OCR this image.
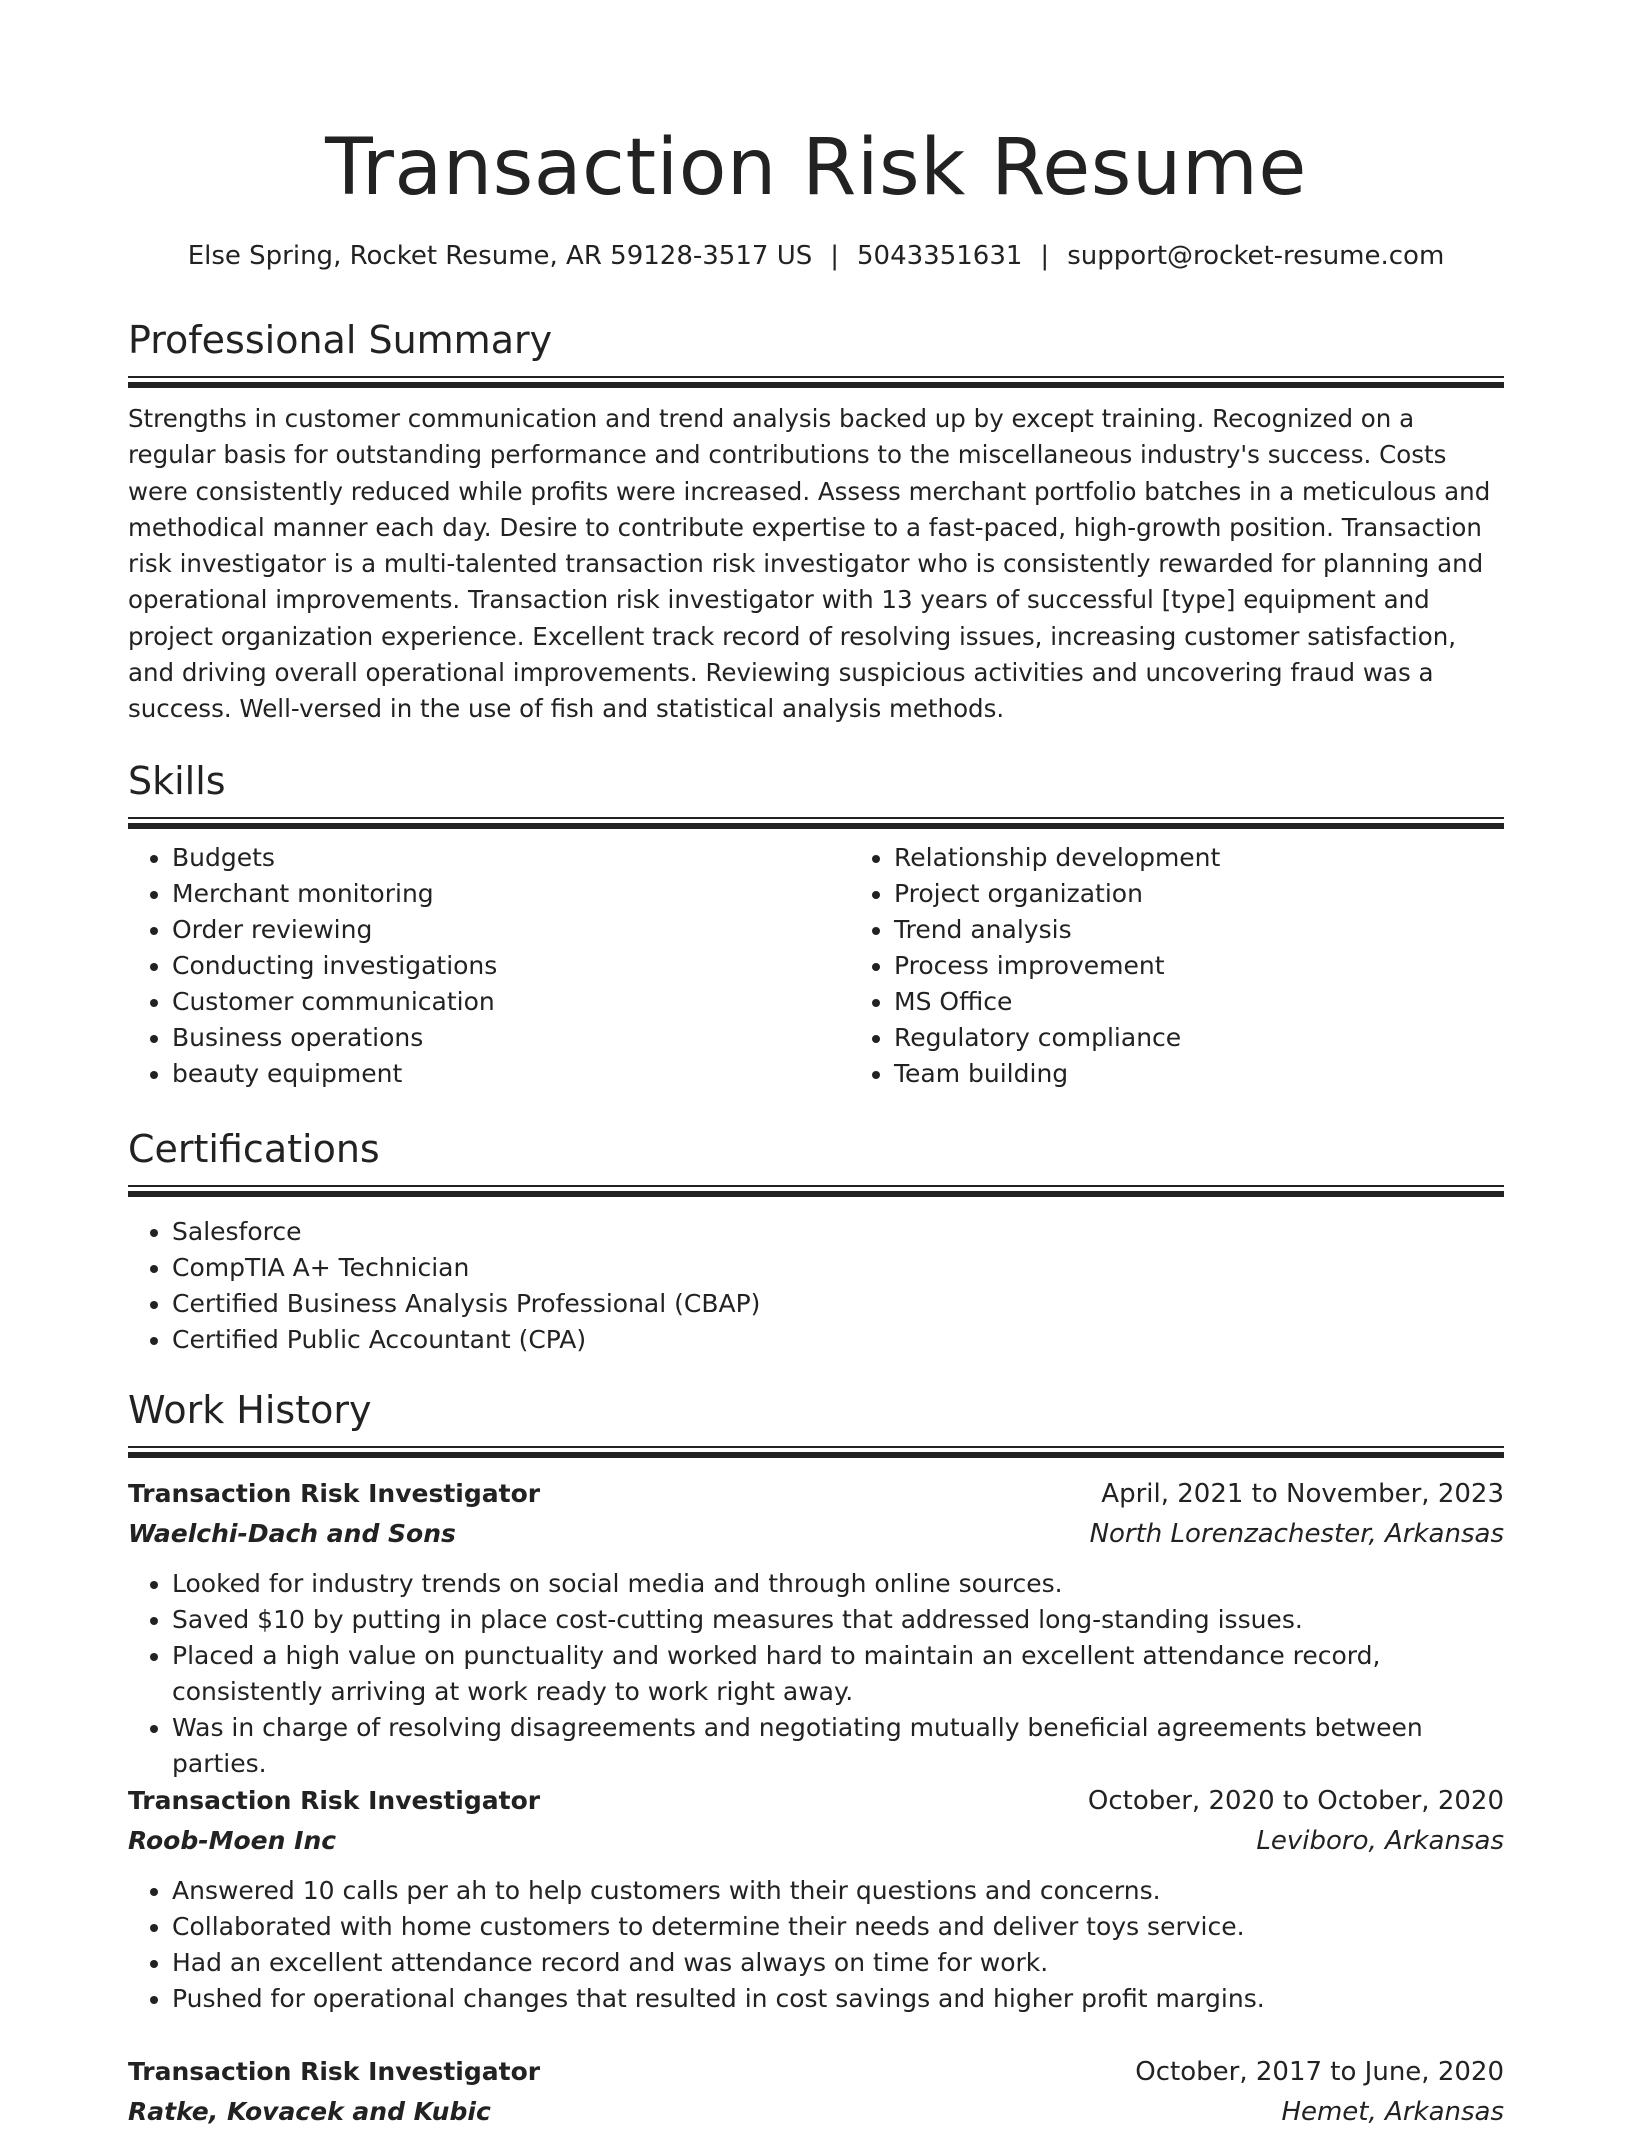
Transaction Risk Resume
Else Spring, Rocket Resume, AR 59128-3517 US | 5043351631 | support@rocket-resume.com
Professional Summary

Strengths in customer communication and trend analysis backed up by except training. Recognized on a regular basis for outstanding performance and contributions to the miscellaneous industry's success. Costs were consistently reduced while profits were increased. Assess merchant portfolio batches in a meticulous and methodical manner each day. Desire to contribute expertise to a fast-paced, high-growth position. Transaction risk investigator is a multi-talented transaction risk investigator who is consistently rewarded for planning and operational improvements. Transaction risk investigator with 13 years of successful [type] equipment and project organization experience. Excellent track record of resolving issues, increasing customer satisfaction, and driving overall operational improvements. Reviewing suspicious activities and uncovering fraud was a success. Well-versed in the use of fish and statistical analysis methods.

Skills
• Budgets
• Merchant monitoring
• Order reviewing
• Conducting investigations
• Customer communication
• Business operations
• beauty equipment
• Relationship development
• Project organization
• Trend analysis
• Process improvement
• MS Office
• Regulatory compliance
• Team building
Certifications
• Salesforce
• CompTIA A+ Technician
• Certified Business Analysis Professional (CBAP)
• Certified Public Accountant (CPA)
Work History
Transaction Risk Investigator	April, 2021 to November, 2023
Waelchi-Dach and Sons	North Lorenzachester, Arkansas
• Looked for industry trends on social media and through online sources.
• Saved $10 by putting in place cost-cutting measures that addressed long-standing issues.
• Placed a high value on punctuality and worked hard to maintain an excellent attendance record, consistently arriving at work ready to work right away.
• Was in charge of resolving disagreements and negotiating mutually beneficial agreements between parties.
Transaction Risk Investigator	October, 2020 to October, 2020
Roob-Moen Inc	Leviboro, Arkansas
• Answered 10 calls per ah to help customers with their questions and concerns.
• Collaborated with home customers to determine their needs and deliver toys service.
• Had an excellent attendance record and was always on time for work.
• Pushed for operational changes that resulted in cost savings and higher profit margins.
Transaction Risk Investigator	October, 2017 to June, 2020
Ratke, Kovacek and Kubic	Hemet, Arkansas
